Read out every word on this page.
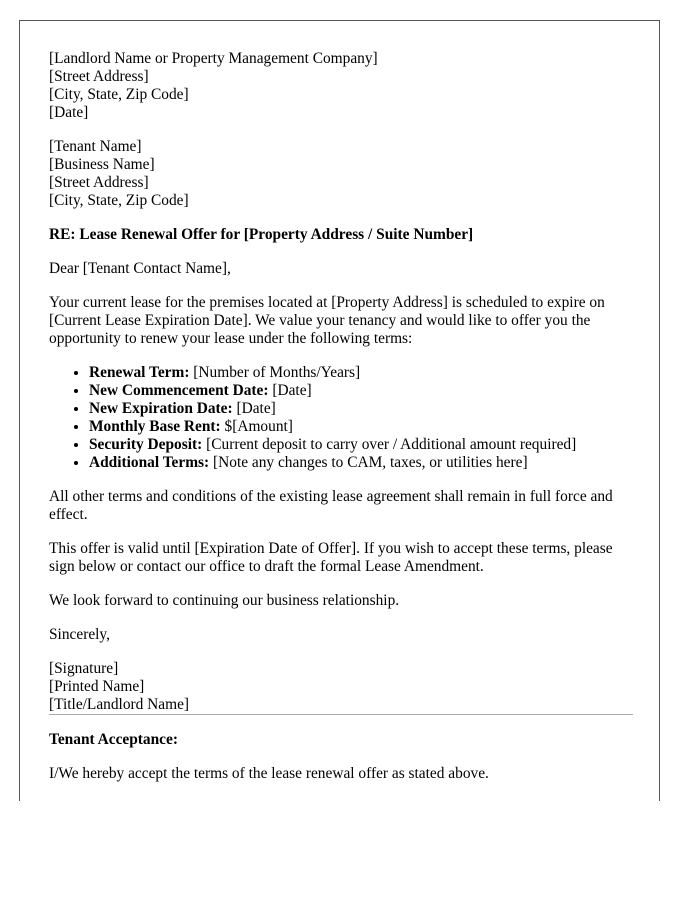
[Landlord Name or Property Management Company]
[Street Address]
[City, State, Zip Code]
[Date]
[Tenant Name]
[Business Name]
[Street Address]
[City, State, Zip Code]

RE: Lease Renewal Offer for [Property Address / Suite Number]

Dear [Tenant Contact Name],

Your current lease for the premises located at [Property Address] is scheduled to expire on [Current Lease Expiration Date]. We value your tenancy and would like to offer you the opportunity to renew your lease under the following terms:

• Renewal Term: [Number of Months/Years]
• New Commencement Date: [Date]
• New Expiration Date: [Date]
• Monthly Base Rent: $[Amount]
• Security Deposit: [Current deposit to carry over / Additional amount required]
• Additional Terms: [Note any changes to CAM, taxes, or utilities here]

All other terms and conditions of the existing lease agreement shall remain in full force and effect.

This offer is valid until [Expiration Date of Offer]. If you wish to accept these terms, please sign below or contact our office to draft the formal Lease Amendment.

We look forward to continuing our business relationship.

Sincerely,

[Signature]
[Printed Name]
[Title/Landlord Name]

Tenant Acceptance:

I/We hereby accept the terms of the lease renewal offer as stated above.
